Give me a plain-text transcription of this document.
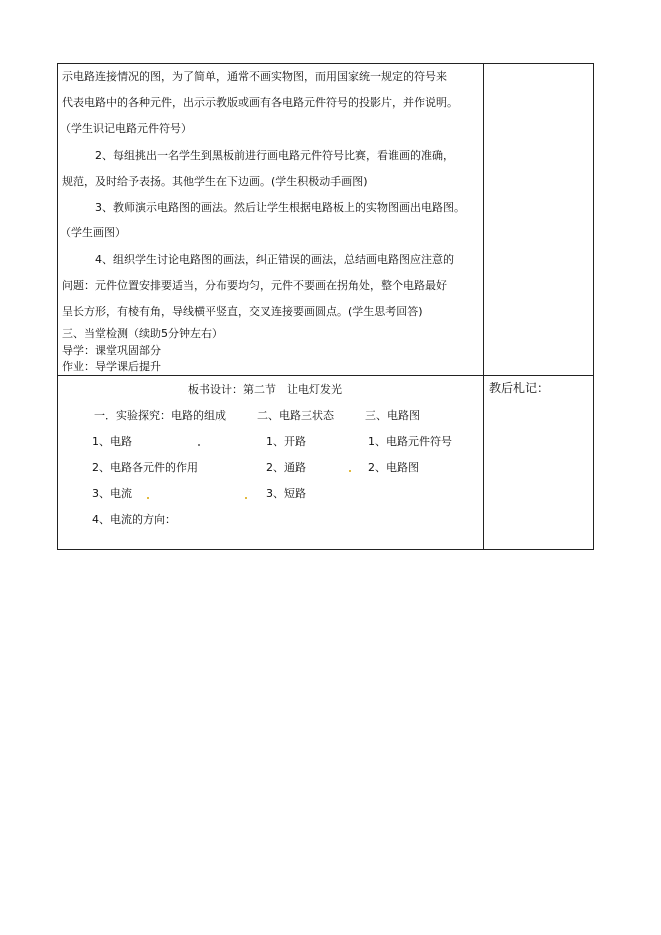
示电路连接情况的图，为了简单，通常不画实物图，而用国家统一规定的符号来
代表电路中的各种元件，出示示教版或画有各电路元件符号的投影片，并作说明。
（学生识记电路元件符号）
2、每组挑出一名学生到黑板前进行画电路元件符号比赛，看谁画的准确，
规范，及时给予表扬。其他学生在下边画。(学生积极动手画图)
3、教师演示电路图的画法。然后让学生根据电路板上的实物图画出电路图。
（学生画图）
4、组织学生讨论电路图的画法，纠正错误的画法，总结画电路图应注意的
问题：元件位置安排要适当，分布要均匀，元件不要画在拐角处，整个电路最好
呈长方形，有棱有角，导线横平竖直，交叉连接要画圆点。(学生思考回答)
三、当堂检测（续助5分钟左右）
导学：课堂巩固部分
作业：导学课后提升
板书设计：第二节　让电灯发光
一．实验探究：电路的组成	二、电路三状态	三、电路图
1、电路	1、开路	1、电路元件符号
2、电路各元件的作用	2、通路	2、电路图
3、电流	3、短路
4、电流的方向：
教后札记：
